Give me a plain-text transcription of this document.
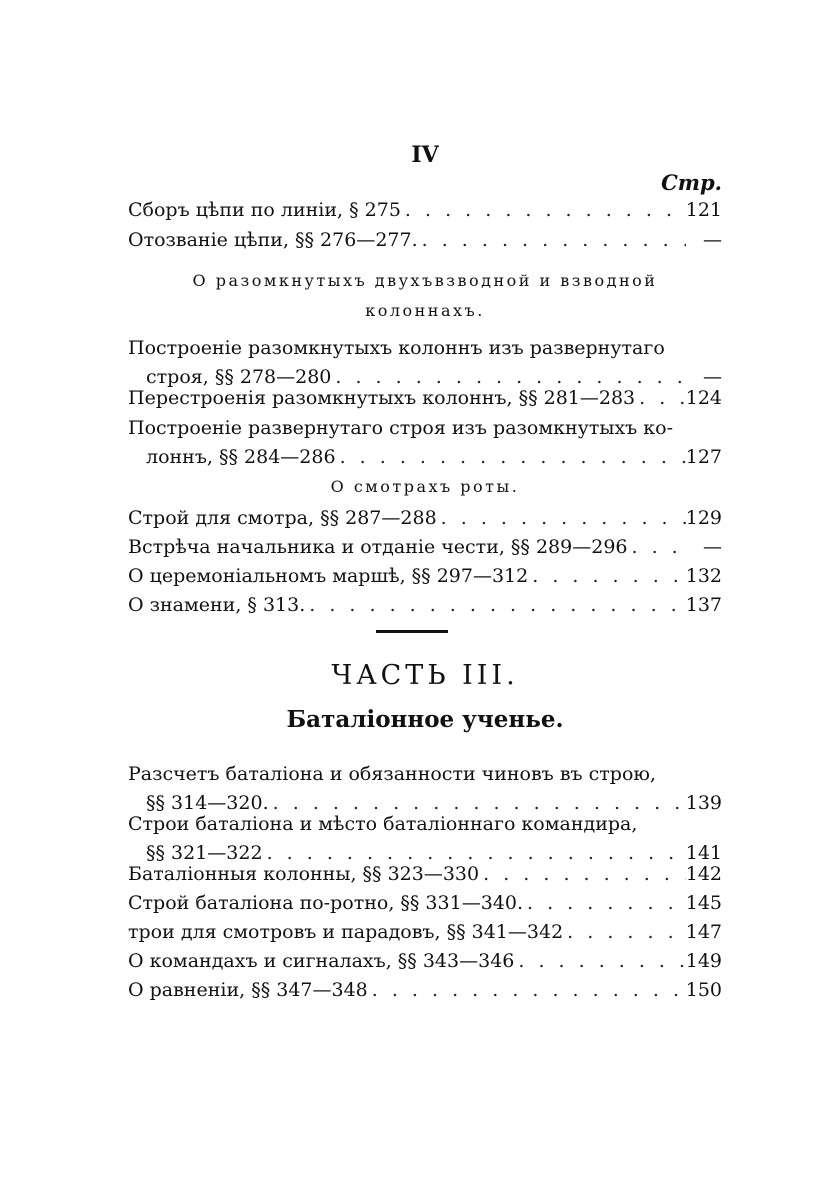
IV
Стр.
Сборъ цѣпи по линіи, § 275 . . .	121
Отозваніе цѣпи, §§ 276—277. . . .	—
О разомкнутыхъ двухъвзводной и взводной
колоннахъ.
Построеніе разомкнутыхъ колоннъ изъ развернутаго
строя, §§ 278—280 . . .	—
Перестроенія разомкнутыхъ колоннъ, §§ 281—283 . . .	124
Построеніе развернутаго строя изъ разомкнутыхъ ко-
лоннъ, §§ 284—286 . . .	127
О смотрахъ роты.
Строй для смотра, §§ 287—288 . . .	129
Встрѣча начальника и отданіе чести, §§ 289—296 . . .	—
О церемоніальномъ маршѣ, §§ 297—312 . . .	132
О знамени, § 313. . . .	137
ЧАСТЬ III.
Баталіонное ученье.
Разсчетъ баталіона и обязанности чиновъ въ строю,
§§ 314—320. . . .	139
Строи баталіона и мѣсто баталіоннаго командира,
§§ 321—322 . . .	141
Баталіонныя колонны, §§ 323—330 . . .	142
Строй баталіона по-ротно, §§ 331—340. . . .	145
трои для смотровъ и парадовъ, §§ 341—342 . . .	147
О командахъ и сигналахъ, §§ 343—346 . . .	149
О равненіи, §§ 347—348 . . .	150
